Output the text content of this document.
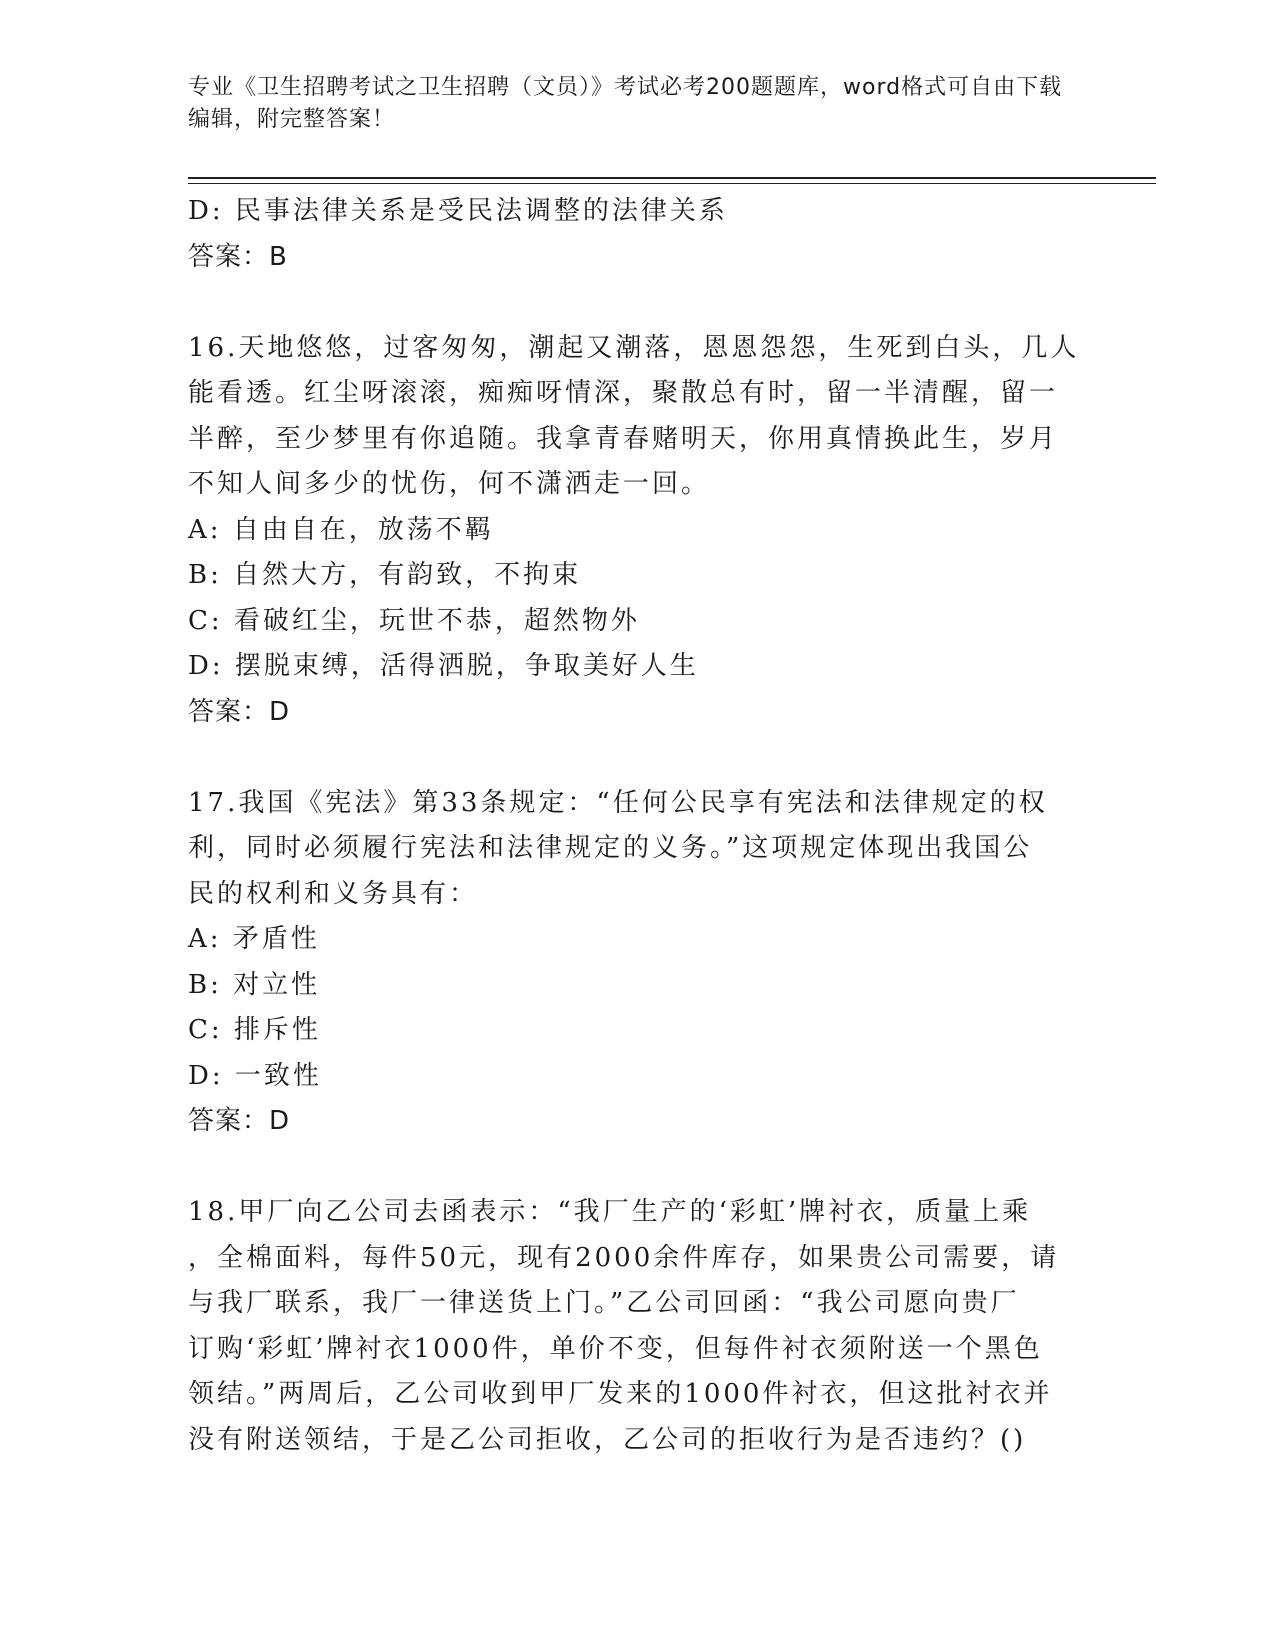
专业《卫生招聘考试之卫生招聘（文员）》考试必考200题题库，word格式可自由下载编辑，附完整答案！

D: 民事法律关系是受民法调整的法律关系

答案：B

16.天地悠悠，过客匆匆，潮起又潮落，恩恩怨怨，生死到白头，几人

能看透。红尘呀滚滚，痴痴呀情深，聚散总有时，留一半清醒，留一

半醉，至少梦里有你追随。我拿青春赌明天，你用真情换此生，岁月

不知人间多少的忧伤，何不潇洒走一回。

A: 自由自在，放荡不羁

B: 自然大方，有韵致，不拘束

C: 看破红尘，玩世不恭，超然物外

D: 摆脱束缚，活得洒脱，争取美好人生

答案：D

17.我国《宪法》第33条规定：“任何公民享有宪法和法律规定的权

利，同时必须履行宪法和法律规定的义务。”这项规定体现出我国公

民的权利和义务具有：

A: 矛盾性

B: 对立性

C: 排斥性

D: 一致性

答案：D

18.甲厂向乙公司去函表示：“我厂生产的‘彩虹’牌衬衣，质量上乘

，全棉面料，每件50元，现有2000余件库存，如果贵公司需要，请

与我厂联系，我厂一律送货上门。”乙公司回函：“我公司愿向贵厂

订购‘彩虹’牌衬衣1000件，单价不变，但每件衬衣须附送一个黑色

领结。”两周后，乙公司收到甲厂发来的1000件衬衣，但这批衬衣并

没有附送领结，于是乙公司拒收，乙公司的拒收行为是否违约？()
